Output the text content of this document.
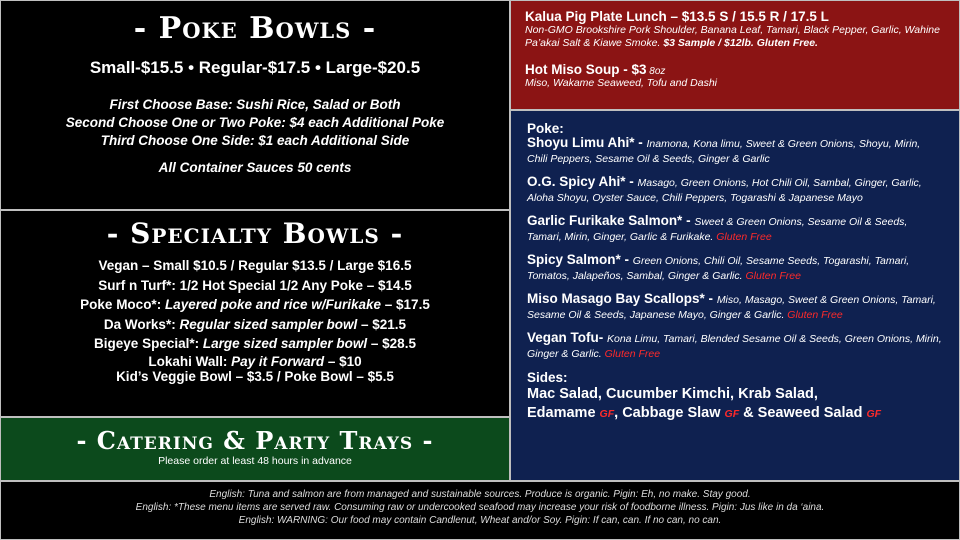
- Poke Bowls -
Small-$15.5 • Regular-$17.5 • Large-$20.5
First Choose Base: Sushi Rice, Salad or Both
Second Choose One or Two Poke: $4 each Additional Poke
Third Choose One Side: $1 each Additional Side
All Container Sauces 50 cents
- Specialty Bowls -
Vegan – Small $10.5 / Regular $13.5 / Large $16.5
Surf n Turf*: 1/2 Hot Special 1/2 Any Poke – $14.5
Poke Moco*: Layered poke and rice w/Furikake – $17.5
Da Works*: Regular sized sampler bowl – $21.5
Bigeye Special*: Large sized sampler bowl – $28.5
Lokahi Wall: Pay it Forward – $10
Kid’s Veggie Bowl – $3.5 / Poke Bowl – $5.5
- Catering & Party Trays -
Please order at least 48 hours in advance
Kalua Pig Plate Lunch – $13.5 S / 15.5 R / 17.5 L
Non-GMO Brookshire Pork Shoulder, Banana Leaf, Tamari, Black Pepper, Garlic, Wahine Pa’akai Salt & Kiawe Smoke. $3 Sample / $12lb. Gluten Free.
Hot Miso Soup - $3 8oz
Miso, Wakame Seaweed, Tofu and Dashi
Poke:
Shoyu Limu Ahi* - Inamona, Kona limu, Sweet & Green Onions, Shoyu, Mirin, Chili Peppers, Sesame Oil & Seeds, Ginger & Garlic
O.G. Spicy Ahi* - Masago, Green Onions, Hot Chili Oil, Sambal, Ginger, Garlic, Aloha Shoyu, Oyster Sauce, Chili Peppers, Togarashi & Japanese Mayo
Garlic Furikake Salmon* - Sweet & Green Onions, Sesame Oil & Seeds, Tamari, Mirin, Ginger, Garlic & Furikake. Gluten Free
Spicy Salmon* - Green Onions, Chili Oil, Sesame Seeds, Togarashi, Tamari, Tomatos, Jalapeños, Sambal, Ginger & Garlic. Gluten Free
Miso Masago Bay Scallops* - Miso, Masago, Sweet & Green Onions, Tamari, Sesame Oil & Seeds, Japanese Mayo, Ginger & Garlic. Gluten Free
Vegan Tofu- Kona Limu, Tamari, Blended Sesame Oil & Seeds, Green Onions, Mirin, Ginger & Garlic. Gluten Free
Sides:
Mac Salad, Cucumber Kimchi, Krab Salad,
Edamame GF, Cabbage Slaw GF & Seaweed Salad GF
English: Tuna and salmon are from managed and sustainable sources. Produce is organic. Pigin: Eh, no make. Stay good.
English: *These menu items are served raw. Consuming raw or undercooked seafood may increase your risk of foodborne illness. Pigin: Jus like in da ‘aina.
English: WARNING: Our food may contain Candlenut, Wheat and/or Soy. Pigin: If can, can. If no can, no can.
